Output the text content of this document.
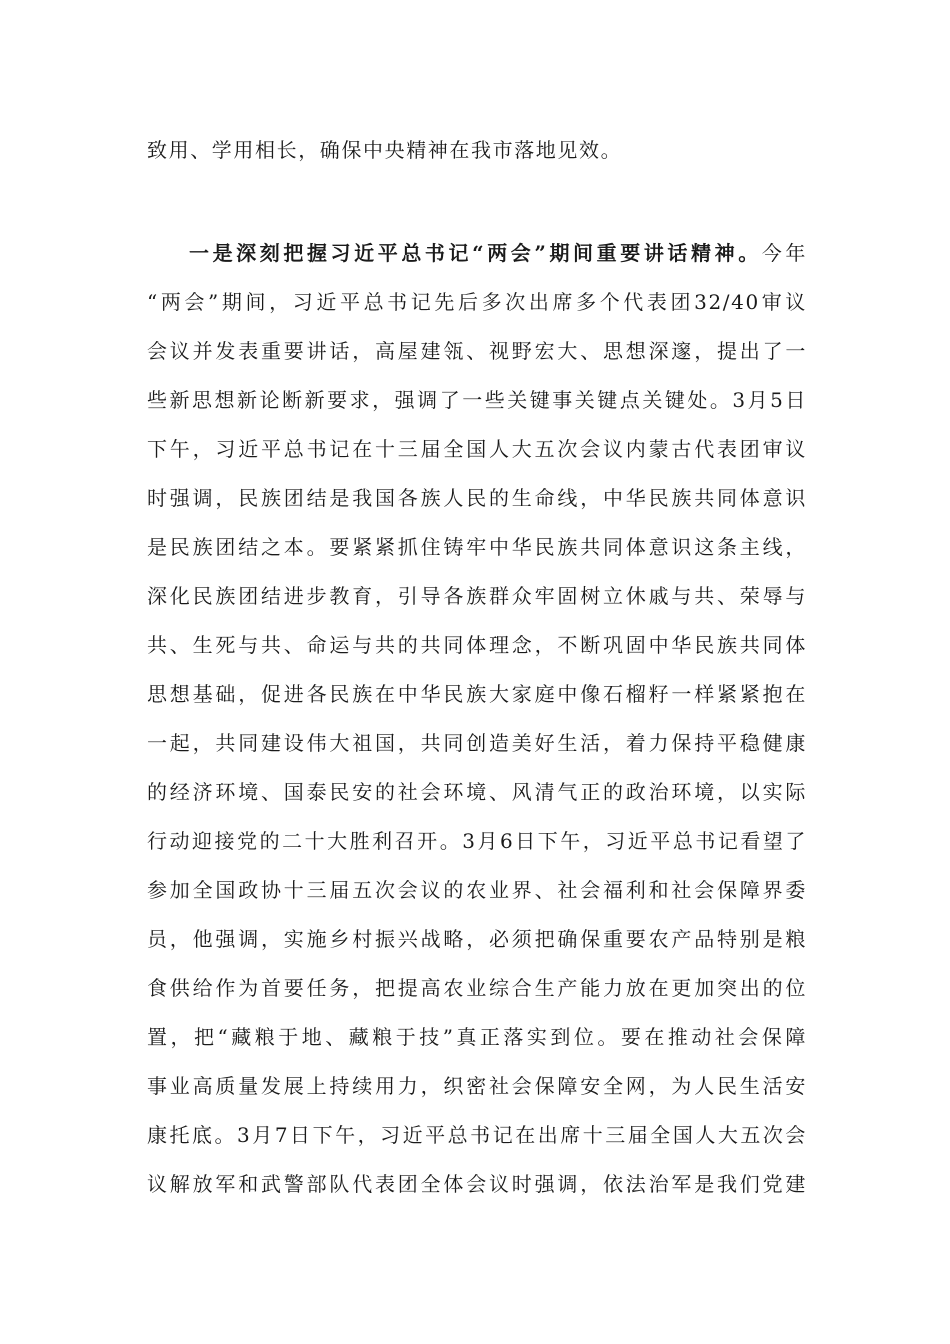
致用、学用相长，确保中央精神在我市落地见效。
一是深刻把握习近平总书记“两会”期间重要讲话精神。今年
“两会”期间，习近平总书记先后多次出席多个代表团32/40审议
会议并发表重要讲话，高屋建瓴、视野宏大、思想深邃，提出了一
些新思想新论断新要求，强调了一些关键事关键点关键处。3月5日
下午，习近平总书记在十三届全国人大五次会议内蒙古代表团审议
时强调，民族团结是我国各族人民的生命线，中华民族共同体意识
是民族团结之本。要紧紧抓住铸牢中华民族共同体意识这条主线，
深化民族团结进步教育，引导各族群众牢固树立休戚与共、荣辱与
共、生死与共、命运与共的共同体理念，不断巩固中华民族共同体
思想基础，促进各民族在中华民族大家庭中像石榴籽一样紧紧抱在
一起，共同建设伟大祖国，共同创造美好生活，着力保持平稳健康
的经济环境、国泰民安的社会环境、风清气正的政治环境，以实际
行动迎接党的二十大胜利召开。3月6日下午，习近平总书记看望了
参加全国政协十三届五次会议的农业界、社会福利和社会保障界委
员，他强调，实施乡村振兴战略，必须把确保重要农产品特别是粮
食供给作为首要任务，把提高农业综合生产能力放在更加突出的位
置，把“藏粮于地、藏粮于技”真正落实到位。要在推动社会保障
事业高质量发展上持续用力，织密社会保障安全网，为人民生活安
康托底。3月7日下午，习近平总书记在出席十三届全国人大五次会
议解放军和武警部队代表团全体会议时强调，依法治军是我们党建
